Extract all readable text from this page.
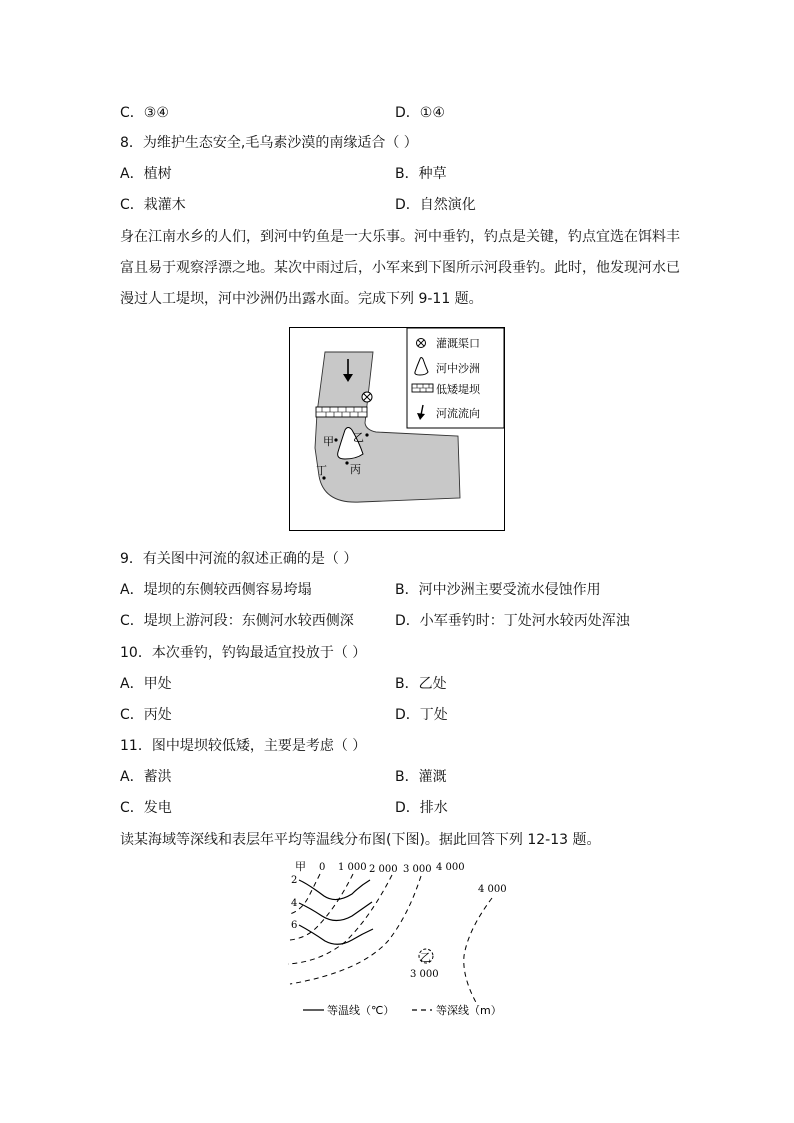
C．③④	D．①④
8．为维护生态安全,毛乌素沙漠的南缘适合（ ）
A．植树	B．种草
C．栽灌木	D．自然演化
身在江南水乡的人们，到河中钓鱼是一大乐事。河中垂钓，钓点是关键，钓点宜选在饵料丰
富且易于观察浮漂之地。某次中雨过后，小军来到下图所示河段垂钓。此时，他发现河水已
漫过人工堤坝，河中沙洲仍出露水面。完成下列 9-11 题。
甲 乙
丙
丁
灌溉渠口
河中沙洲
低矮堤坝
河流流向
9．有关图中河流的叙述正确的是（ ）
A．堤坝的东侧较西侧容易垮塌	B．河中沙洲主要受流水侵蚀作用
C．堤坝上游河段：东侧河水较西侧深	D．小军垂钓时：丁处河水较丙处浑浊
10．本次垂钓，钓钩最适宜投放于（ ）
A．甲处	B．乙处
C．丙处	D．丁处
11．图中堤坝较低矮，主要是考虑（ ）
A．蓄洪	B．灌溉
C．发电	D．排水
读某海域等深线和表层年平均等温线分布图(下图)。据此回答下列 12-13 题。
甲 0 1 000 2 000 3 000 4 000
4 000
3 000
2
4
6
乙
等温线（℃）	等深线（m）
